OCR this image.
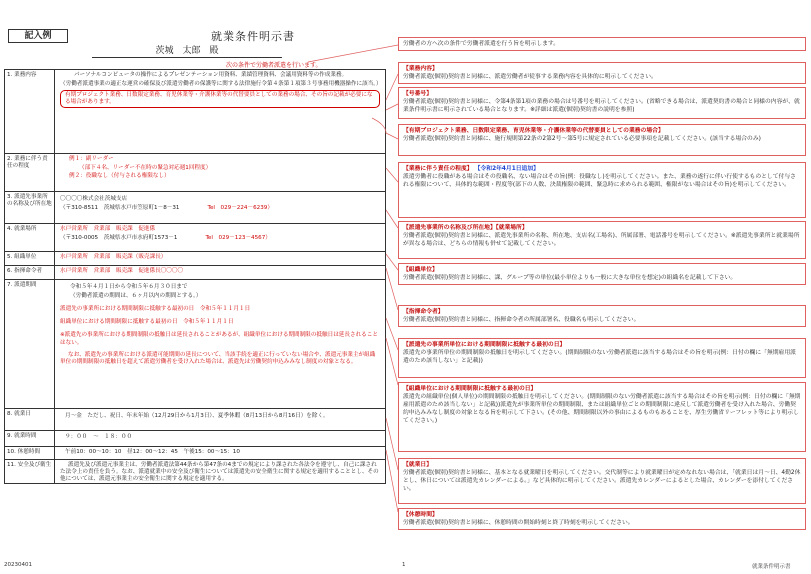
記入例	就業条件明示書
茨城　太郎　殿
次の条件で労働者派遣を行います。
1. 業務内容	パーソナルコンピュータの操作によるプレゼンテーション用資料、業績管理資料、会議用資料等の作成業務。
（労働者派遣事業の適正な運営の確保及び派遣労働者の保護等に関する法律施行令第４条第１項第３号事務用機器操作に該当。）
有期プロジェクト業務、日数限定業務、育児休業等・介護休業等の代替要員としての業務の場合、その旨の記載が必要になる場合があります。
2. 業務に伴う責任の程度
例１：副リーダー
（部下４名、リーダー不在時の緊急対応週1回程度）
例２：役職なし（付与される権限なし）
3. 派遣先事業所の名称及び所在地
〇〇〇〇株式会社茨城支店
（〒310-8511　茨城県水戸市笠原町1－8－31	Tel　029－224－6239）
4. 就業場所	水戸営業所　営業部　販売課　促進係
（〒310-0005　茨城県水戸市水府町1573－1	Tel　029－123－4567）
5. 組織単位	水戸営業所　営業部　販売課（販売課長）
6. 指揮命令者	水戸営業所　営業部　販売課　促進係長〇〇〇〇
7. 派遣期間	令和５年４月１日から令和５年６月３０日まで
（労働者派遣の期間は、６ヶ月以内の期間とする。）
派遣先の事業所における期間制限に抵触する最初の日　令和５年１１月１日
組織単位における期間制限に抵触する最初の日　令和５年１１月１日
※派遣先の事業所における期間制限の抵触日は延長されることがあるが、組織単位における期間制限の抵触日は延長されることはない。
なお、派遣先の事業所における派遣可能期間の延長について、当該手続を適正に行っていない場合や、派遣元事業主が組織単位の期間制限の抵触日を超えて派遣労働者を受け入れた場合は、派遣先は労働契約申込みみなし制度の対象となる。
8. 就業日	月～金　ただし、祝日、年末年始（12月29日から1月3日）、夏季休暇（8月13日から8月16日）を除く。
9. 就業時間	９：００　～　１８：００
10. 休憩時間	午前10：00～10：10　昼12：00～12：45　午後15：00～15：10
11. 安全及び衛生	派遣先及び派遣元事業主は、労働者派遣法第44条から第47条の4までの規定により課された各法令を遵守し、自己に課された法令上の責任を負う。なお、派遣就業中の安全及び衛生については派遣先の安全衛生に関する規定を適用することとし、その他については、派遣元事業主の安全衛生に関する規定を適用する。
労働者の方へ次の条件で労働者派遣を行う旨を明示します。
【業務内容】
労働者派遣(個別)契約書と同様に、派遣労働者が従事する業務内容を具体的に明示してください。
【号番号】
労働者派遣(個別)契約書と同様に、令第4条第1項の業務の場合は号番号を明示してください。(省略できる場合は、派遣契約書の場合と同様の内容が、就業条件明示書に明示されている場合となります。※詳細は派遣(個別)契約書の説明を参照)
【有期プロジェクト業務、日数限定業務、育児休業等・介護休業等の代替要員としての業務の場合】
労働者派遣(個別)契約書と同様に、施行規則第22条の2第2号～第5号に規定されている必要事項を記載してください。(該当する場合のみ)
【業務に伴う責任の程度】 【令和2年4月1日追加】
派遣労働者に役職がある場合はその役職名、ない場合はその旨(例：役職なし)を明示してください。また、業務の遂行に伴い行使するものとして付与される権限について、具体的な範囲・程度等(部下の人数、決裁権限の範囲、緊急時に求められる範囲、権限がない場合はその旨)を明示してください。
【派遣先事業所の名称及び所在地】【就業場所】
労働者派遣(個別)契約書と同様に、派遣先事業所の名称、所在地、支店名(工場名)、所属部署、電話番号を明示してください。※派遣先事業所と就業場所が異なる場合は、どちらの情報も併せて記載してください。
【組織単位】
労働者派遣(個別)契約書と同様に、課、グループ等の単位(最小単位よりも一般に大きな単位を想定)の組織名を記載して下さい。
【指揮命令者】
労働者派遣(個別)契約書と同様に、指揮命令者の所属部署名、役職名も明示してください。
【派遣先の事業所単位における期間制限に抵触する最初の日】
派遣先の事業所単位の期間制限の抵触日を明示してください。(期間制限のない労働者派遣に該当する場合はその旨を明示(例：日付の欄に「無期雇用派遣のため該当しない」と記載))
【組織単位における期間制限に抵触する最初の日】
派遣先の組織単位(個人単位)の期間制限の抵触日を明示してください。(期間制限のない労働者派遣に該当する場合はその旨を明示(例：日付の欄に「無期雇用派遣のため該当しない」と記載))派遣先が事業所単位の期間制限、または組織単位ごとの期間制限に違反して派遣労働者を受け入れた場合、労働契約申込みみなし制度の対象となる旨を明示して下さい。(その他、期間制限以外の事由によるものもあることを、厚生労働省リーフレット等により明示してください。)
【就業日】
労働者派遣(個別)契約書と同様に、基本となる就業曜日を明示してください。交代制等により就業曜日が定めなれない場合は、「就業日は月～日、4勤2休とし、休日については派遣先カレンダーによる。」など具体的に明示してください。派遣先カレンダーによるとした場合、カレンダーを添付してください。
【休憩時間】
労働者派遣(個別)契約書と同様に、休憩時間の開始時刻と終了時刻を明示してください。
20230401	1	就業条件明示書
